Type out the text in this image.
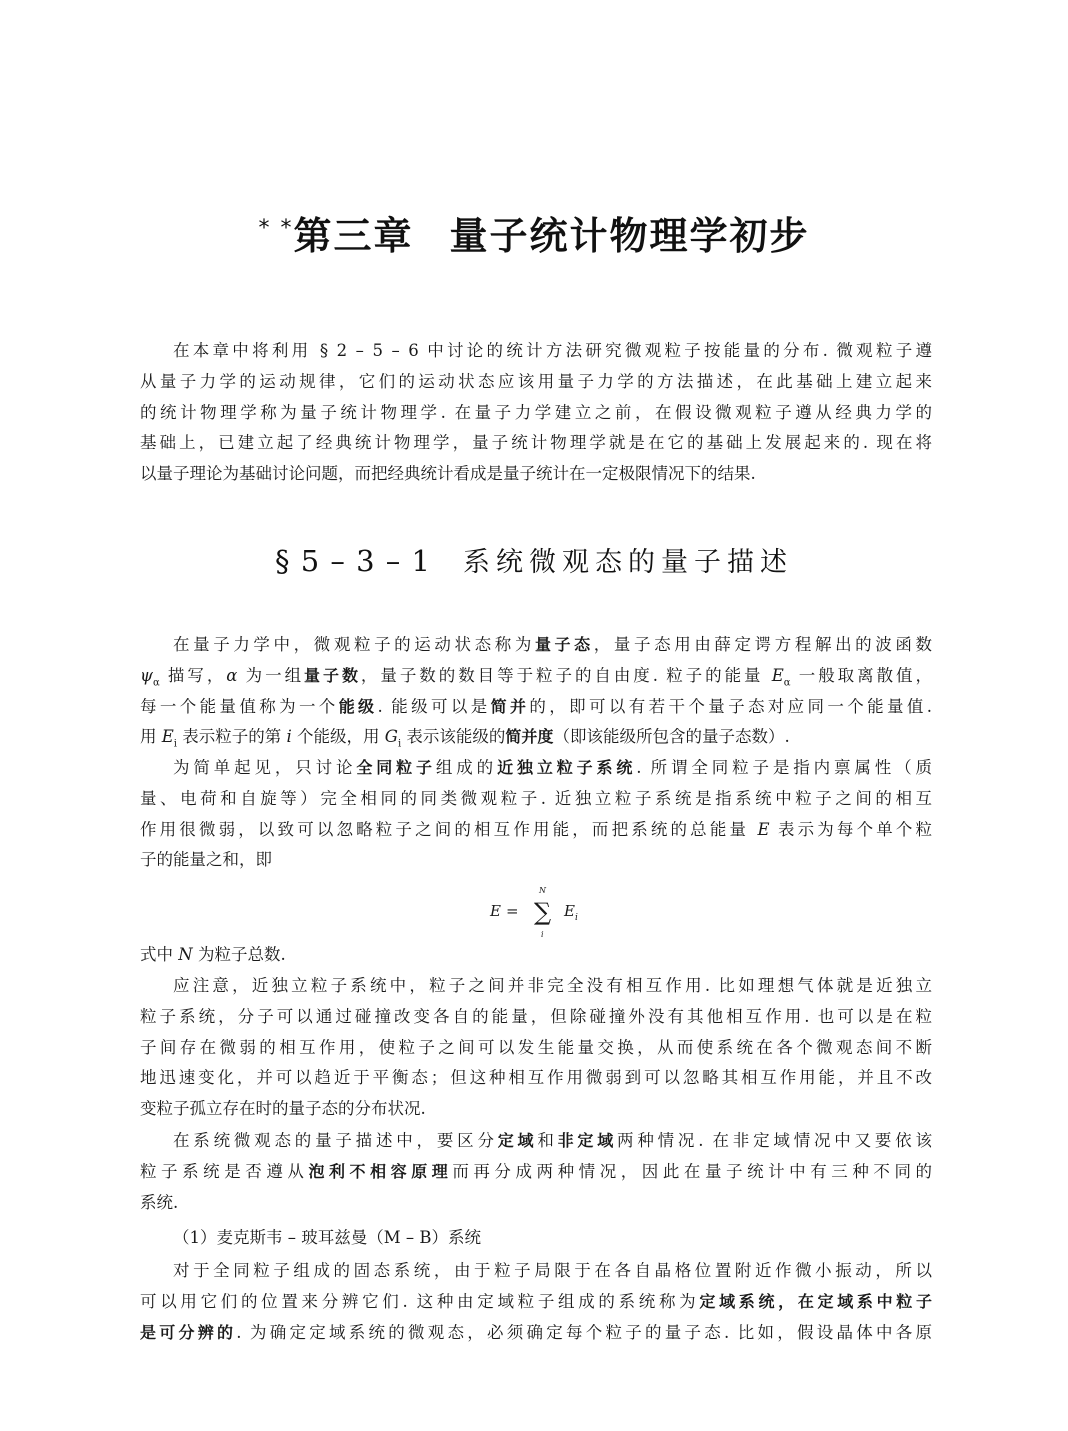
* *第三章 量子统计物理学初步
在本章中将利用 § 2 – 5 – 6 中讨论的统计方法研究微观粒子按能量的分布. 微观粒子遵
从量子力学的运动规律，它们的运动状态应该用量子力学的方法描述，在此基础上建立起来
的统计物理学称为量子统计物理学. 在量子力学建立之前，在假设微观粒子遵从经典力学的
基础上，已建立起了经典统计物理学，量子统计物理学就是在它的基础上发展起来的. 现在将
以量子理论为基础讨论问题，而把经典统计看成是量子统计在一定极限情况下的结果.
§ 5 – 3 – 1 系统微观态的量子描述
在量子力学中，微观粒子的运动状态称为量子态，量子态用由薛定谔方程解出的波函数
$\psi_\alpha$ 描写，α 为一组量子数，量子数的数目等于粒子的自由度. 粒子的能量 $E_\alpha$ 一般取离散值，
每一个能量值称为一个能级. 能级可以是简并的，即可以有若干个量子态对应同一个能量值.
用 $E_i$ 表示粒子的第 i 个能级，用 $G_i$ 表示该能级的简并度（即该能级所包含的量子态数）.
为简单起见，只讨论全同粒子组成的近独立粒子系统. 所谓全同粒子是指内禀属性（质
量、电荷和自旋等）完全相同的同类微观粒子. 近独立粒子系统是指系统中粒子之间的相互
作用很微弱，以致可以忽略粒子之间的相互作用能，而把系统的总能量 E 表示为每个单个粒
子的能量之和，即
E =
N
∑
i
$E_i$
式中 N 为粒子总数.
应注意，近独立粒子系统中，粒子之间并非完全没有相互作用. 比如理想气体就是近独立
粒子系统，分子可以通过碰撞改变各自的能量，但除碰撞外没有其他相互作用. 也可以是在粒
子间存在微弱的相互作用，使粒子之间可以发生能量交换，从而使系统在各个微观态间不断
地迅速变化，并可以趋近于平衡态；但这种相互作用微弱到可以忽略其相互作用能，并且不改
变粒子孤立存在时的量子态的分布状况.
在系统微观态的量子描述中，要区分定域和非定域两种情况. 在非定域情况中又要依该
粒子系统是否遵从泡利不相容原理而再分成两种情况，因此在量子统计中有三种不同的
系统.
（1）麦克斯韦 – 玻耳兹曼（M – B）系统
对于全同粒子组成的固态系统，由于粒子局限于在各自晶格位置附近作微小振动，所以
可以用它们的位置来分辨它们. 这种由定域粒子组成的系统称为定域系统，在定域系中粒子
是可分辨的. 为确定定域系统的微观态，必须确定每个粒子的量子态. 比如，假设晶体中各原
